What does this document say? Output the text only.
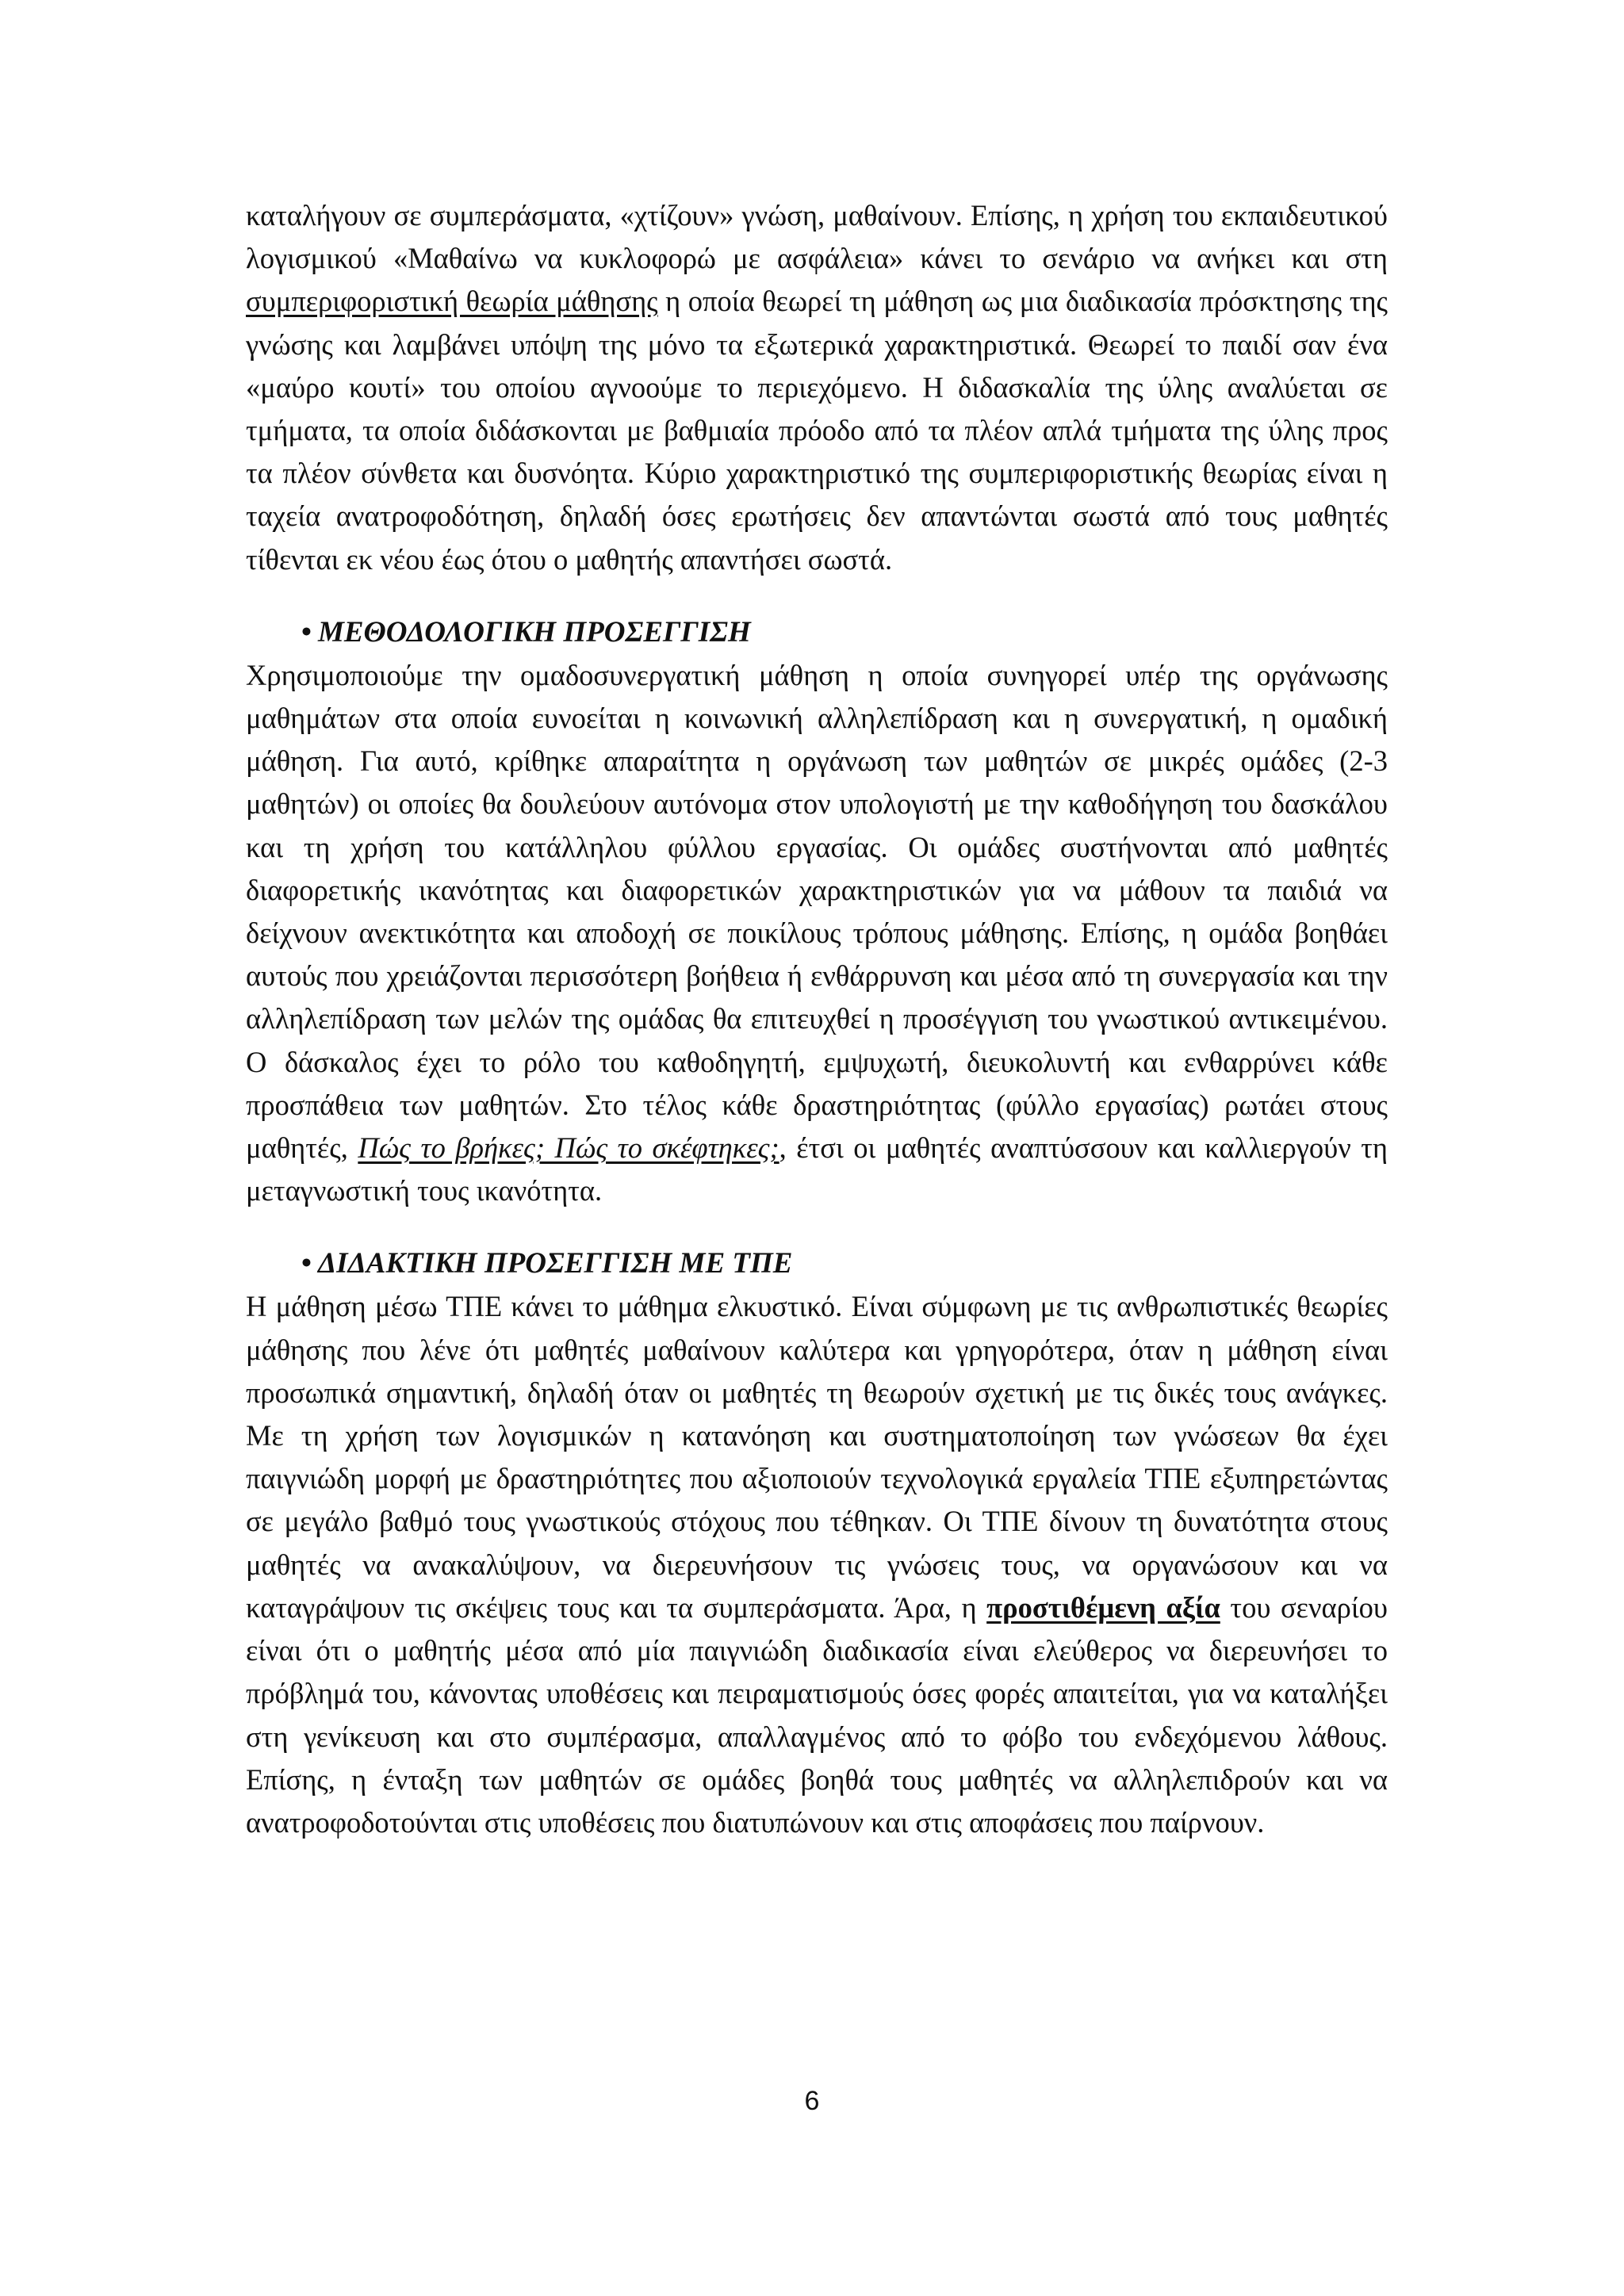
καταλήγουν σε συμπεράσματα, «χτίζουν» γνώση, μαθαίνουν. Επίσης, η χρήση του εκπαιδευτικού λογισμικού «Μαθαίνω να κυκλοφορώ με ασφάλεια» κάνει το σενάριο να ανήκει και στη συμπεριφοριστική θεωρία μάθησης η οποία θεωρεί τη μάθηση ως μια διαδικασία πρόσκτησης της γνώσης και λαμβάνει υπόψη της μόνο τα εξωτερικά χαρακτηριστικά. Θεωρεί το παιδί σαν ένα «μαύρο κουτί» του οποίου αγνοούμε το περιεχόμενο. Η διδασκαλία της ύλης αναλύεται σε τμήματα, τα οποία διδάσκονται με βαθμιαία πρόοδο από τα πλέον απλά τμήματα της ύλης προς τα πλέον σύνθετα και δυσνόητα. Κύριο χαρακτηριστικό της συμπεριφοριστικής θεωρίας είναι η ταχεία ανατροφοδότηση, δηλαδή όσες ερωτήσεις δεν απαντώνται σωστά από τους μαθητές τίθενται εκ νέου έως ότου ο μαθητής απαντήσει σωστά.

• ΜΕΘΟΔΟΛΟΓΙΚΗ ΠΡΟΣΕΓΓΙΣΗ

Χρησιμοποιούμε την ομαδοσυνεργατική μάθηση η οποία συνηγορεί υπέρ της οργάνωσης μαθημάτων στα οποία ευνοείται η κοινωνική αλληλεπίδραση και η συνεργατική, η ομαδική μάθηση. Για αυτό, κρίθηκε απαραίτητα η οργάνωση των μαθητών σε μικρές ομάδες (2-3 μαθητών) οι οποίες θα δουλεύουν αυτόνομα στον υπολογιστή με την καθοδήγηση του δασκάλου και τη χρήση του κατάλληλου φύλλου εργασίας. Οι ομάδες συστήνονται από μαθητές διαφορετικής ικανότητας και διαφορετικών χαρακτηριστικών για να μάθουν τα παιδιά να δείχνουν ανεκτικότητα και αποδοχή σε ποικίλους τρόπους μάθησης. Επίσης, η ομάδα βοηθάει αυτούς που χρειάζονται περισσότερη βοήθεια ή ενθάρρυνση και μέσα από τη συνεργασία και την αλληλεπίδραση των μελών της ομάδας θα επιτευχθεί η προσέγγιση του γνωστικού αντικειμένου. Ο δάσκαλος έχει το ρόλο του καθοδηγητή, εμψυχωτή, διευκολυντή και ενθαρρύνει κάθε προσπάθεια των μαθητών. Στο τέλος κάθε δραστηριότητας (φύλλο εργασίας) ρωτάει στους μαθητές, Πώς το βρήκες; Πώς το σκέφτηκες;, έτσι οι μαθητές αναπτύσσουν και καλλιεργούν τη μεταγνωστική τους ικανότητα.

• ΔΙΔΑΚΤΙΚΗ ΠΡΟΣΕΓΓΙΣΗ ΜΕ ΤΠΕ

Η μάθηση μέσω ΤΠΕ κάνει το μάθημα ελκυστικό. Είναι σύμφωνη με τις ανθρωπιστικές θεωρίες μάθησης που λένε ότι μαθητές μαθαίνουν καλύτερα και γρηγορότερα, όταν η μάθηση είναι προσωπικά σημαντική, δηλαδή όταν οι μαθητές τη θεωρούν σχετική με τις δικές τους ανάγκες. Με τη χρήση των λογισμικών η κατανόηση και συστηματοποίηση των γνώσεων θα έχει παιγνιώδη μορφή με δραστηριότητες που αξιοποιούν τεχνολογικά εργαλεία ΤΠΕ εξυπηρετώντας σε μεγάλο βαθμό τους γνωστικούς στόχους που τέθηκαν. Οι ΤΠΕ δίνουν τη δυνατότητα στους μαθητές να ανακαλύψουν, να διερευνήσουν τις γνώσεις τους, να οργανώσουν και να καταγράψουν τις σκέψεις τους και τα συμπεράσματα. Άρα, η προστιθέμενη αξία του σεναρίου είναι ότι ο μαθητής μέσα από μία παιγνιώδη διαδικασία είναι ελεύθερος να διερευνήσει το πρόβλημά του, κάνοντας υποθέσεις και πειραματισμούς όσες φορές απαιτείται, για να καταλήξει στη γενίκευση και στο συμπέρασμα, απαλλαγμένος από το φόβο του ενδεχόμενου λάθους. Επίσης, η ένταξη των μαθητών σε ομάδες βοηθά τους μαθητές να αλληλεπιδρούν και να ανατροφοδοτούνται στις υποθέσεις που διατυπώνουν και στις αποφάσεις που παίρνουν.

6
